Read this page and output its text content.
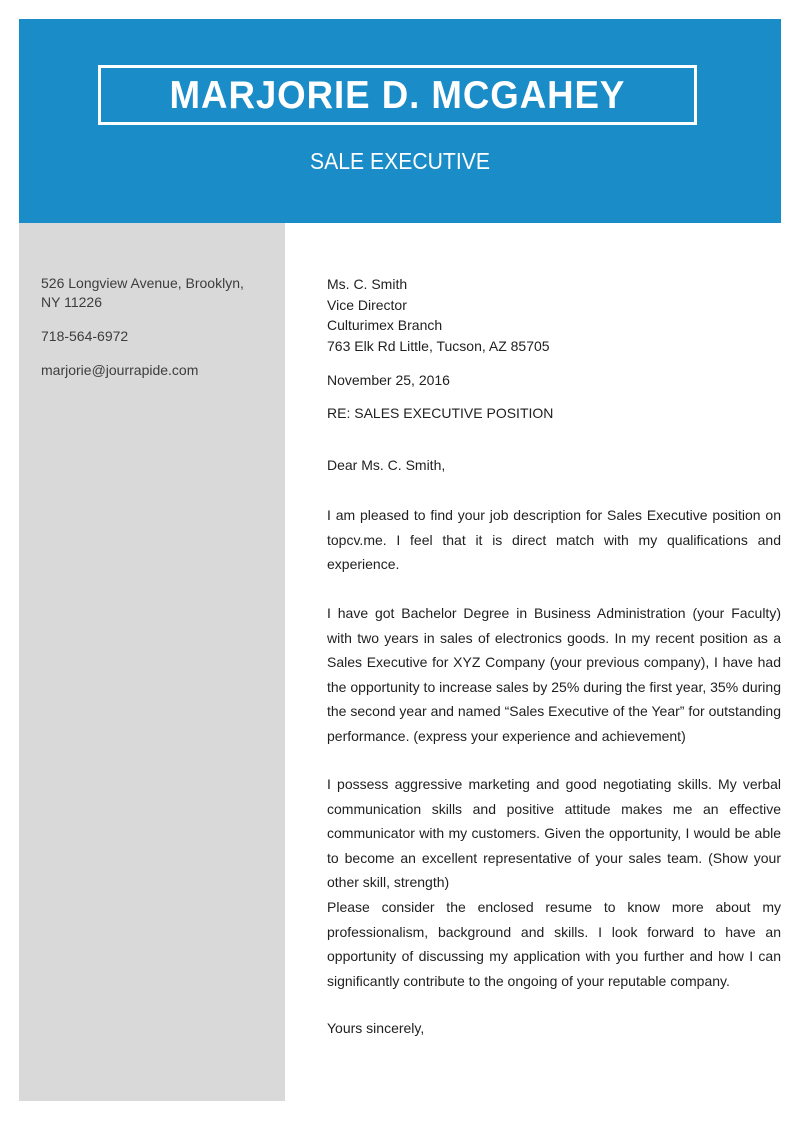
MARJORIE D. MCGAHEY
SALE EXECUTIVE
526 Longview Avenue, Brooklyn, NY 11226
718-564-6972
marjorie@jourrapide.com
Ms. C. Smith
Vice Director
Culturimex Branch
763 Elk Rd Little, Tucson, AZ 85705
November 25, 2016
RE: SALES EXECUTIVE POSITION
Dear Ms. C. Smith,
I am pleased to find your job description for Sales Executive position on topcv.me. I feel that it is direct match with my qualifications and experience.
I have got Bachelor Degree in Business Administration (your Faculty) with two years in sales of electronics goods. In my recent position as a Sales Executive for XYZ Company (your previous company), I have had the opportunity to increase sales by 25% during the first year, 35% during the second year and named “Sales Executive of the Year” for outstanding performance. (express your experience and achievement)
I possess aggressive marketing and good negotiating skills. My verbal communication skills and positive attitude makes me an effective communicator with my customers. Given the opportunity, I would be able to become an excellent representative of your sales team. (Show your other skill, strength)
Please consider the enclosed resume to know more about my professionalism, background and skills. I look forward to have an opportunity of discussing my application with you further and how I can significantly contribute to the ongoing of your reputable company.
Yours sincerely,
